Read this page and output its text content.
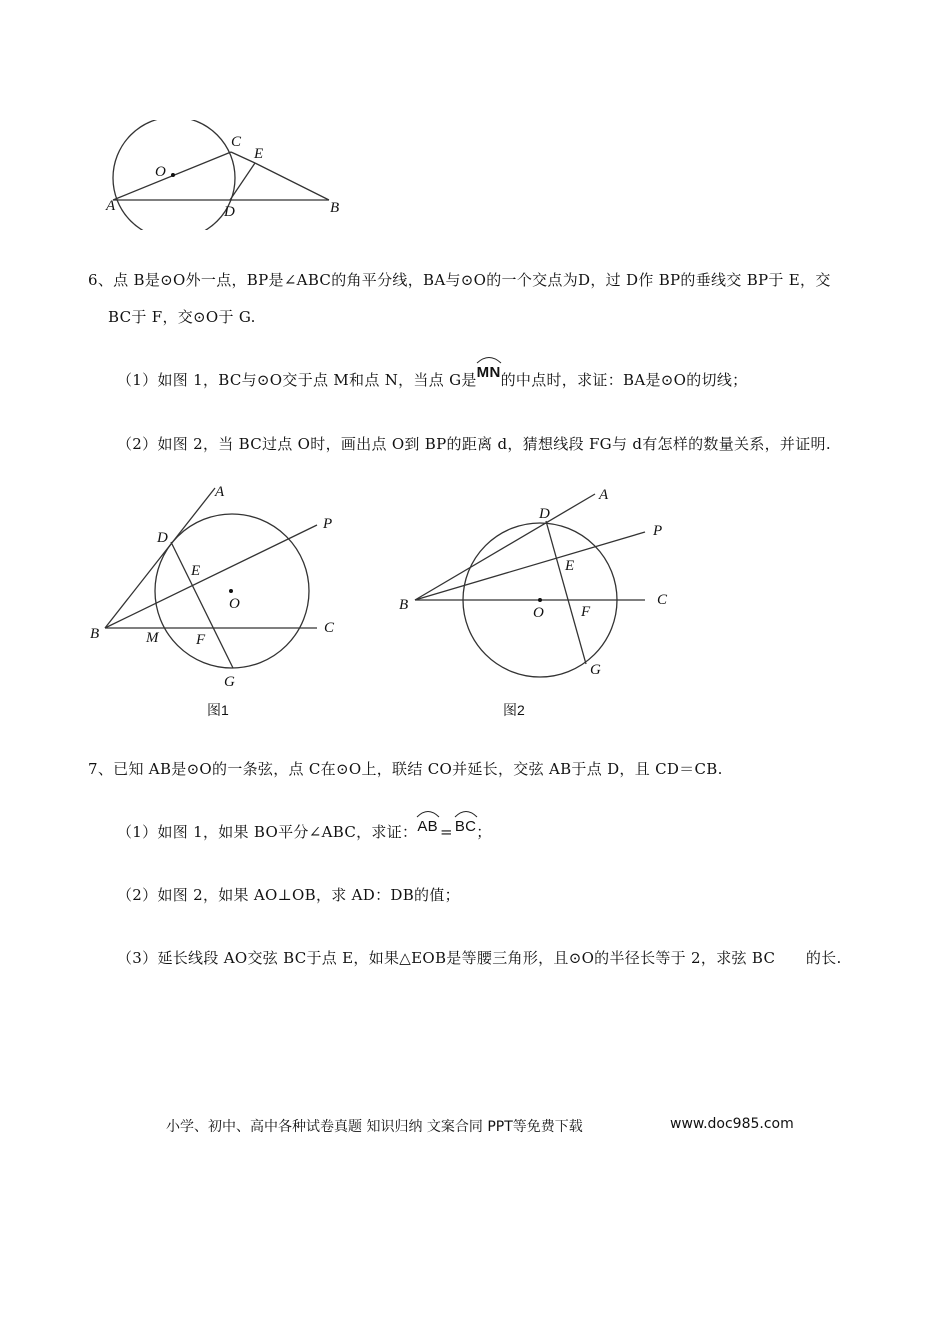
O
C
E
A	D	B
6、点 B是⊙O外一点，BP是∠ABC的角平分线，BA与⊙O的一个交点为D，过 D作 BP的垂线交 BP于 E，交
BC于 F，交⊙O于 G.
（1）如图 1，BC与⊙O交于点 M和点 N，当点 G是
MN的中点时，求证：BA是⊙O的切线；
（2）如图 2，当 BC过点 O时，画出点 O到 BP的距离 d，猜想线段 FG与 d有怎样的数量关系，并证明.
A
D
P
E
O
B	M	F
C
G
图1
D
A
P
E
B	O F
C
G
图2
7、已知 AB是⊙O的一条弦，点 C在⊙O上，联结 CO并延长，交弦 AB于点 D，且 CD＝CB.
（1）如图 1，如果 BO平分∠ABC，求证：
AB = BC；
（2）如图 2，如果 AO⊥OB，求 AD：DB的值；
（3）延长线段 AO交弦 BC于点 E，如果△EOB是等腰三角形，且⊙O的半径长等于 2，求弦 BC　　的长.
小学、初中、高中各种试卷真题 知识归纳 文案合同 PPT等免费下载	www.doc985.com
